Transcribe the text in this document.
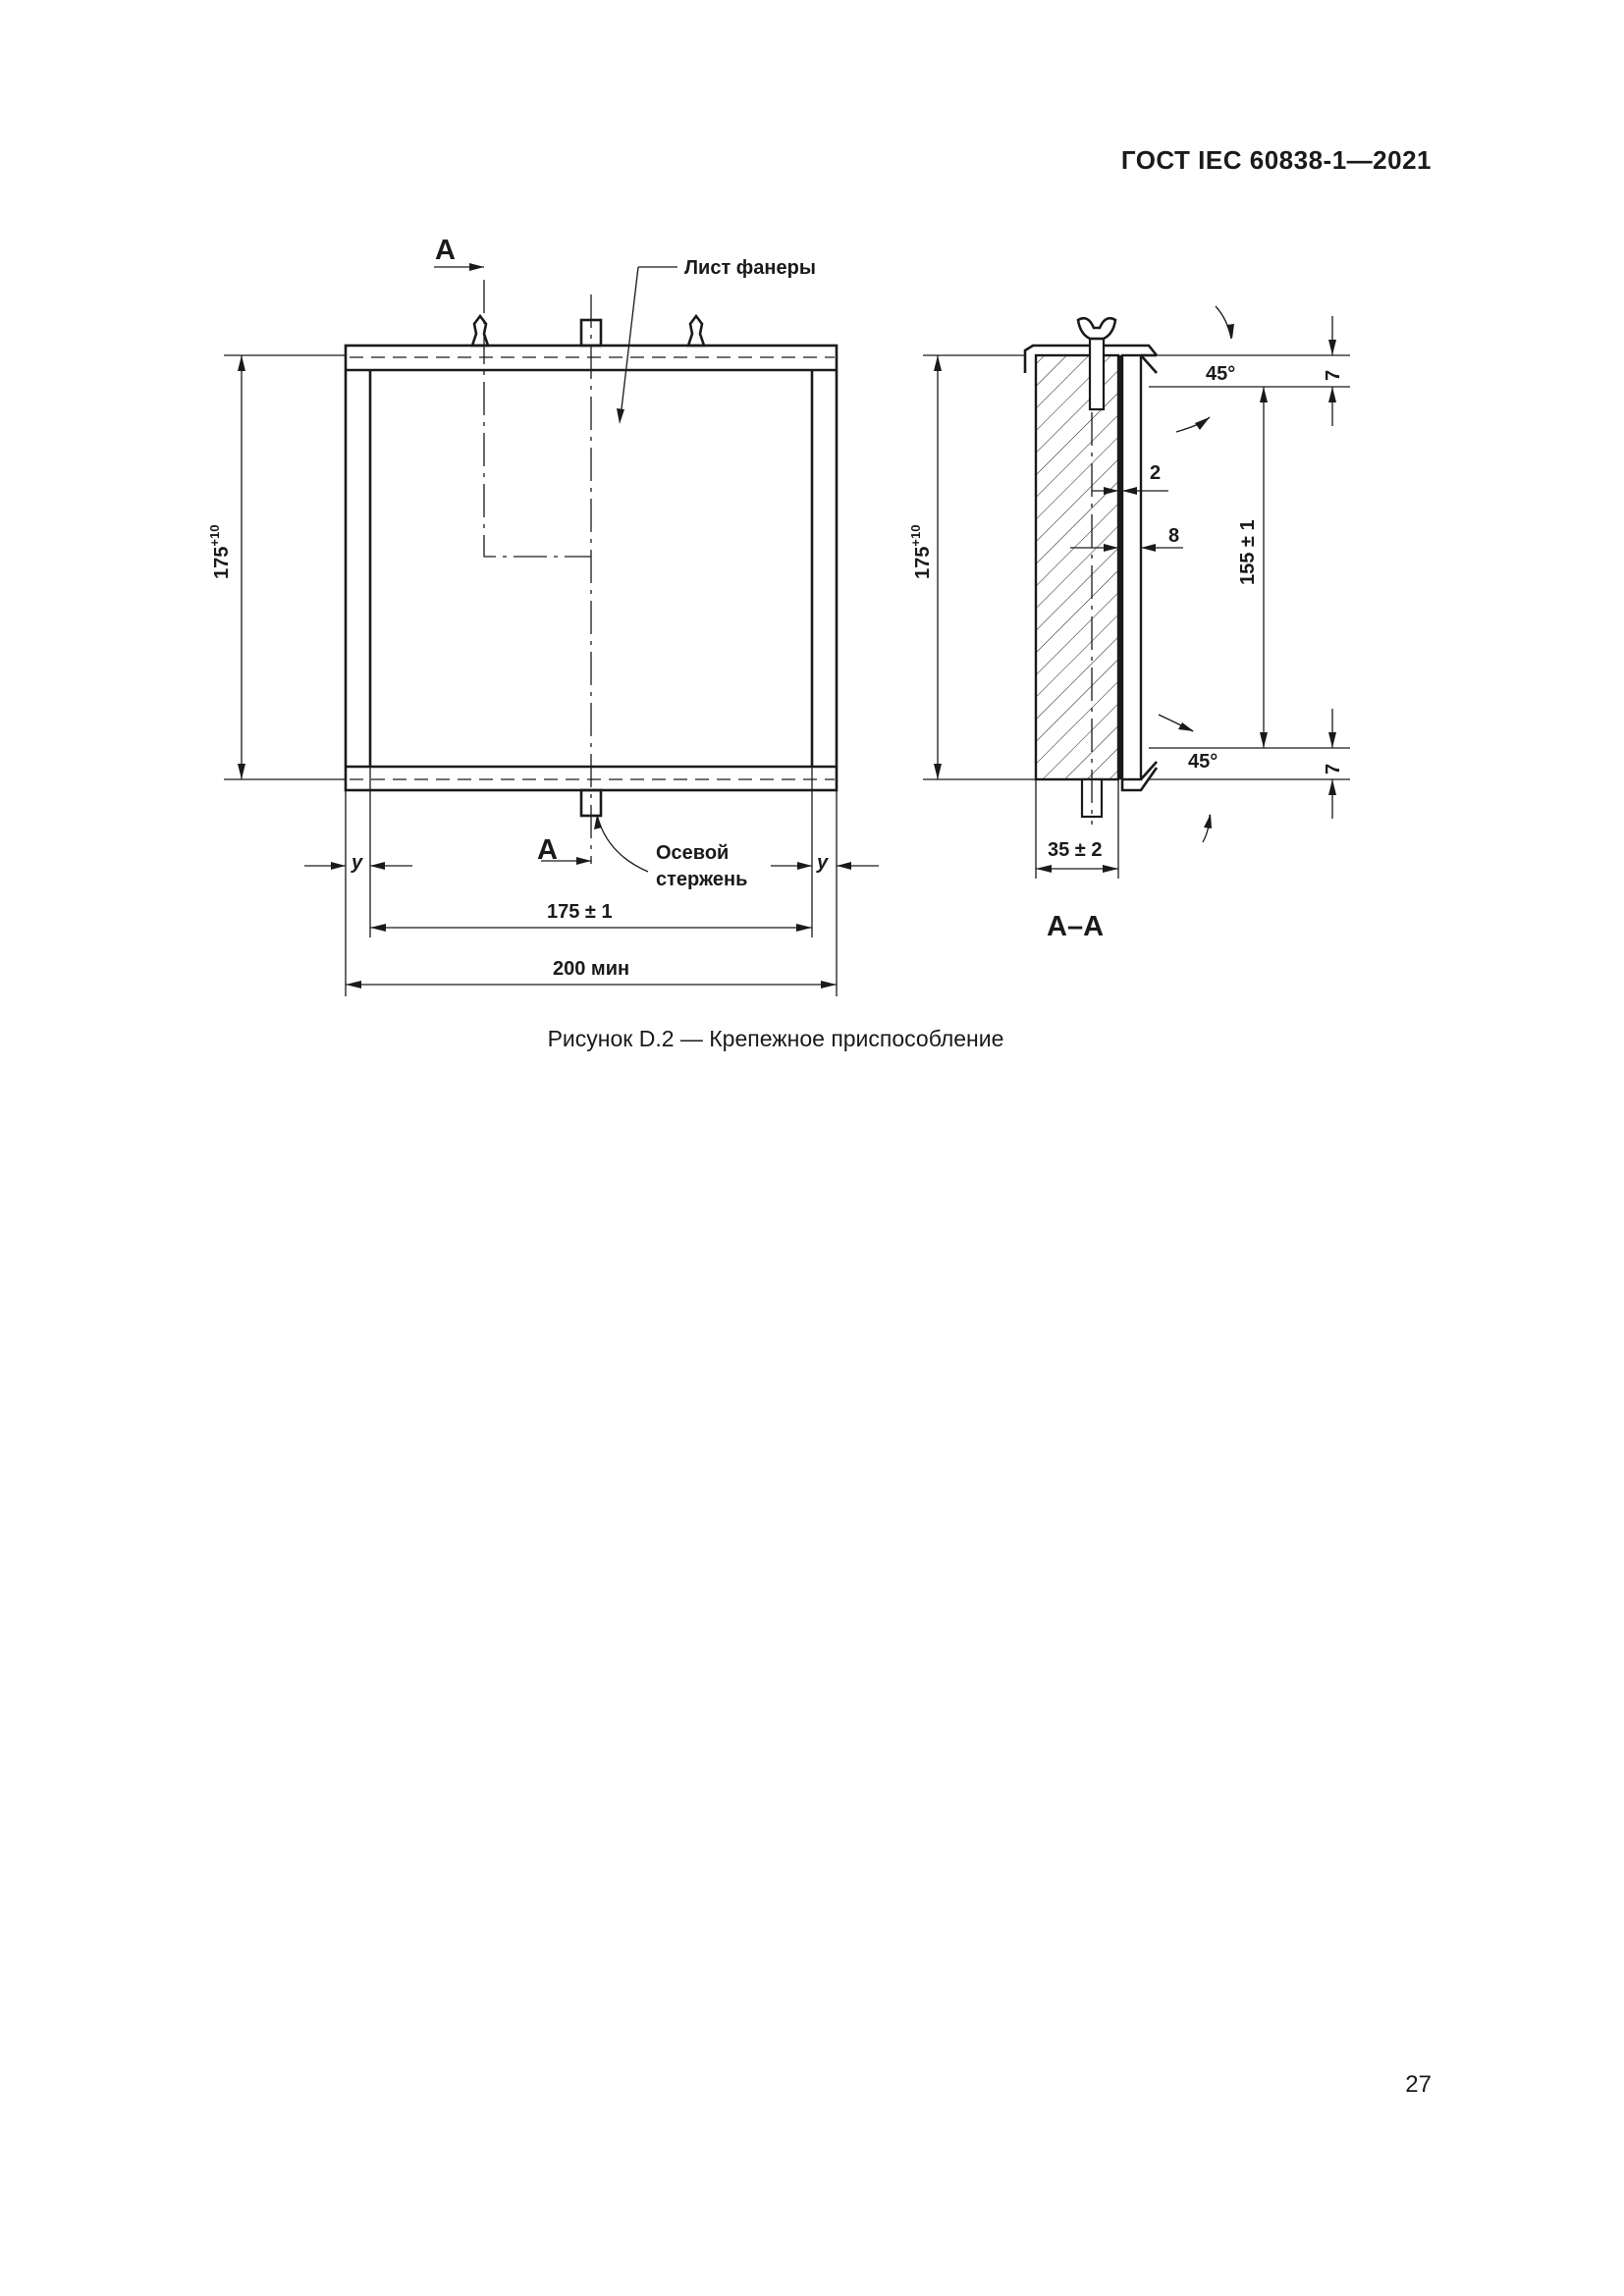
ГОСТ IEC 60838-1—2021
А
А
Лист фанеры
Осевой
стержень
$175^{+10}$
y	y
175 ± 1
200 мин
$175^{+10}$
7
155 ± 1
7
45°
45°
2
8
35 ± 2
А–А
Рисунок D.2 — Крепежное приспособление
27
